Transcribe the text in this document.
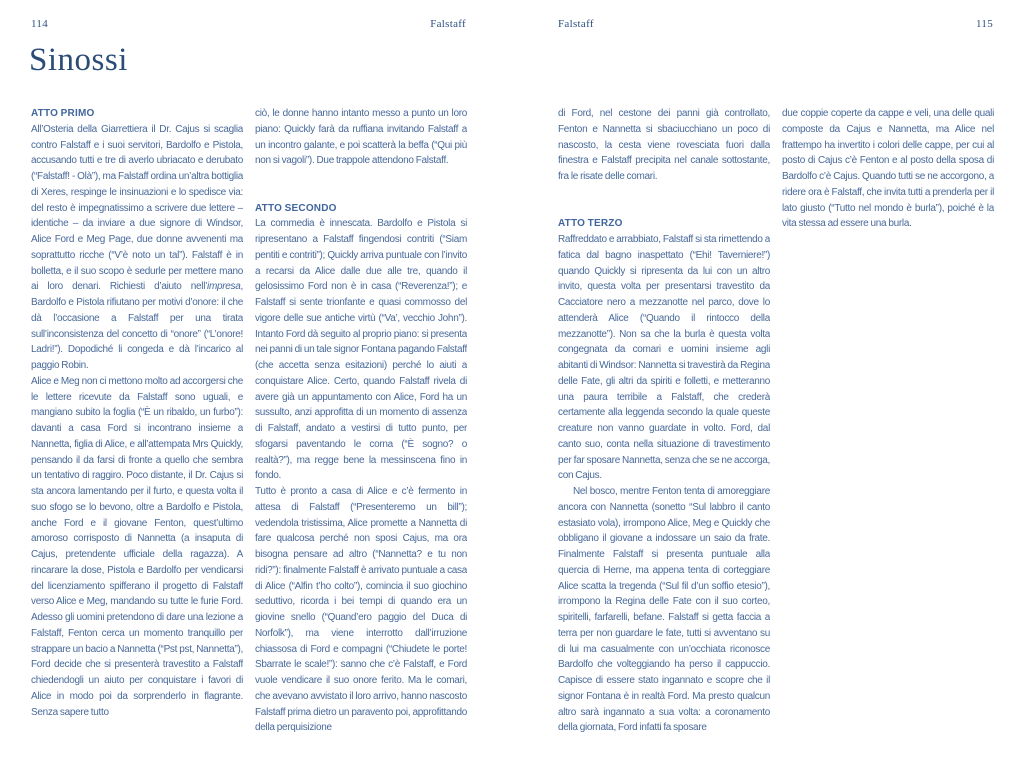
114	Falstaff	Falstaff	115
Sinossi
ATTO PRIMO

All’Osteria della Giarrettiera il Dr. Cajus si scaglia contro Falstaff e i suoi servitori, Bardolfo e Pistola, accusando tutti e tre di averlo ubriacato e derubato (“Falstaff! - Olà”), ma Falstaff ordina un’altra bottiglia di Xeres, respinge le insinuazioni e lo spedisce via: del resto è impegnatissimo a scrivere due lettere – identiche – da inviare a due signore di Windsor, Alice Ford e Meg Page, due donne avvenenti ma soprattutto ricche (“V’è noto un tal”). Falstaff è in bolletta, e il suo scopo è sedurle per mettere mano ai loro denari. Richiesti d’aiuto nell’impresa, Bardolfo e Pistola rifiutano per motivi d’onore: il che dà l’occasione a Falstaff per una tirata sull’inconsistenza del concetto di “onore” (“L’onore! Ladri!”). Dopodiché li congeda e dà l’incarico al paggio Robin.

Alice e Meg non ci mettono molto ad accorgersi che le lettere ricevute da Falstaff sono uguali, e mangiano subito la foglia (“È un ribaldo, un furbo”): davanti a casa Ford si incontrano insieme a Nannetta, figlia di Alice, e all’attempata Mrs Quickly, pensando il da farsi di fronte a quello che sembra un tentativo di raggiro. Poco distante, il Dr. Cajus si sta ancora lamentando per il furto, e questa volta il suo sfogo se lo bevono, oltre a Bardolfo e Pistola, anche Ford e il giovane Fenton, quest’ultimo amoroso corrisposto di Nannetta (a insaputa di Cajus, pretendente ufficiale della ragazza). A rincarare la dose, Pistola e Bardolfo per vendicarsi del licenziamento spifferano il progetto di Falstaff verso Alice e Meg, mandando su tutte le furie Ford. Adesso gli uomini pretendono di dare una lezione a Falstaff, Fenton cerca un momento tranquillo per strappare un bacio a Nannetta (“Pst pst, Nannetta”), Ford decide che si presenterà travestito a Falstaff chiedendogli un aiuto per conquistare i favori di Alice in modo poi da sorprenderlo in flagrante. Senza sapere tutto

ciò, le donne hanno intanto messo a punto un loro piano: Quickly farà da ruffiana invitando Falstaff a un incontro galante, e poi scatterà la beffa (“Qui più non si vagoli”). Due trappole attendono Falstaff.

ATTO SECONDO

La commedia è innescata. Bardolfo e Pistola si ripresentano a Falstaff fingendosi contriti (“Siam pentiti e contriti”); Quickly arriva puntuale con l’invito a recarsi da Alice dalle due alle tre, quando il gelosissimo Ford non è in casa (“Reverenza!”); e Falstaff si sente trionfante e quasi commosso del vigore delle sue antiche virtù (“Va’, vecchio John”). Intanto Ford dà seguito al proprio piano: si presenta nei panni di un tale signor Fontana pagando Falstaff (che accetta senza esitazioni) perché lo aiuti a conquistare Alice. Certo, quando Falstaff rivela di avere già un appuntamento con Alice, Ford ha un sussulto, anzi approfitta di un momento di assenza di Falstaff, andato a vestirsi di tutto punto, per sfogarsi paventando le corna (“È sogno? o realtà?”), ma regge bene la messinscena fino in fondo.

Tutto è pronto a casa di Alice e c’è fermento in attesa di Falstaff (“Presenteremo un bill”); vedendola tristissima, Alice promette a Nannetta di fare qualcosa perché non sposi Cajus, ma ora bisogna pensare ad altro (“Nannetta? e tu non ridi?”): finalmente Falstaff è arrivato puntuale a casa di Alice (“Alfin t’ho colto”), comincia il suo giochino seduttivo, ricorda i bei tempi di quando era un giovine snello (“Quand’ero paggio del Duca di Norfolk”), ma viene interrotto dall’irruzione chiassosa di Ford e compagni (“Chiudete le porte! Sbarrate le scale!”): sanno che c’è Falstaff, e Ford vuole vendicare il suo onore ferito. Ma le comari, che avevano avvistato il loro arrivo, hanno nascosto Falstaff prima dietro un paravento poi, approfittando della perquisizione

di Ford, nel cestone dei panni già controllato, Fenton e Nannetta si sbaciucchiano un poco di nascosto, la cesta viene rovesciata fuori dalla finestra e Falstaff precipita nel canale sottostante, fra le risate delle comari.

ATTO TERZO

Raffreddato e arrabbiato, Falstaff si sta rimettendo a fatica dal bagno inaspettato (“Ehi! Taverniere!”) quando Quickly si ripresenta da lui con un altro invito, questa volta per presentarsi travestito da Cacciatore nero a mezzanotte nel parco, dove lo attenderà Alice (“Quando il rintocco della mezzanotte”). Non sa che la burla è questa volta congegnata da comari e uomini insieme agli abitanti di Windsor: Nannetta si travestirà da Regina delle Fate, gli altri da spiriti e folletti, e metteranno una paura terribile a Falstaff, che crederà certamente alla leggenda secondo la quale queste creature non vanno guardate in volto. Ford, dal canto suo, conta nella situazione di travestimento per far sposare Nannetta, senza che se ne accorga, con Cajus.

Nel bosco, mentre Fenton tenta di amoreggiare ancora con Nannetta (sonetto “Sul labbro il canto estasiato vola), irrompono Alice, Meg e Quickly che obbligano il giovane a indossare un saio da frate. Finalmente Falstaff si presenta puntuale alla quercia di Herne, ma appena tenta di corteggiare Alice scatta la tregenda (“Sul fil d’un soffio etesio”), irrompono la Regina delle Fate con il suo corteo, spiritelli, farfarelli, befane. Falstaff si getta faccia a terra per non guardare le fate, tutti si avventano su di lui ma casualmente con un’occhiata riconosce Bardolfo che volteggiando ha perso il cappuccio. Capisce di essere stato ingannato e scopre che il signor Fontana è in realtà Ford. Ma presto qualcun altro sarà ingannato a sua volta: a coronamento della giornata, Ford infatti fa sposare

due coppie coperte da cappe e veli, una delle quali composte da Cajus e Nannetta, ma Alice nel frattempo ha invertito i colori delle cappe, per cui al posto di Cajus c’è Fenton e al posto della sposa di Bardolfo c’è Cajus. Quando tutti se ne accorgono, a ridere ora è Falstaff, che invita tutti a prenderla per il lato giusto (“Tutto nel mondo è burla”), poiché è la vita stessa ad essere una burla.
